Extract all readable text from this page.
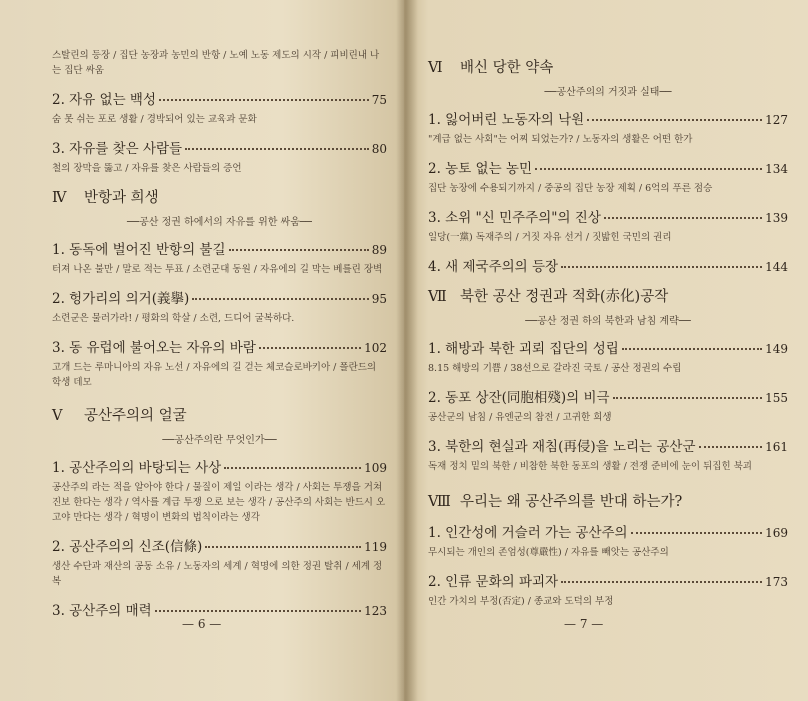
스탈린의 등장 / 집단 농장과 농민의 반항 / 노예 노동 제도의 시작 / 피비린내 나는 집단 싸움
2. 자유 없는 백성	75
숨 못 쉬는 포로 생활 / 경박되어 있는 교육과 문화
3. 자유를 찾은 사람들	80
철의 장막을 뚫고 / 자유를 찾은 사람들의 증언
Ⅳ	반항과 희생
──공산 정권 하에서의 자유를 위한 싸움──
1. 동독에 벌어진 반항의 불길	89
터져 나온 불만 / 말로 적는 투표 / 소련군대 동원 / 자유에의 길 막는 베를린 장벽
2. 헝가리의 의거(義擧)	95
소련군은 물러가라! / 평화의 학살 / 소련, 드디어 굴복하다.
3. 동 유럽에 불어오는 자유의 바람	102
고개 드는 루마니아의 자유 노선 / 자유에의 길 걷는 체코슬로바키아 / 폴란드의 학생 데모
Ⅴ	공산주의의 얼굴
──공산주의란 무엇인가──
1. 공산주의의 바탕되는 사상	109
공산주의 라는 적을 알아야 한다 / 물질이 제일 이라는 생각 / 사회는 투쟁을 거쳐 진보 한다는 생각 / 역사를 계급 투쟁 으로 보는 생각 / 공산주의 사회는 반드시 오고야 만다는 생각 / 혁명이 변화의 법칙이라는 생각
2. 공산주의의 신조(信條)	119
생산 수단과 재산의 공동 소유 / 노동자의 세계 / 혁명에 의한 정권 탈취 / 세계 정복
3. 공산주의 매력	123
— 6 —
Ⅵ	배신 당한 약속
──공산주의의 거짓과 실태──
1. 잃어버린 노동자의 낙원	127
"계급 없는 사회"는 어찌 되었는가? / 노동자의 생활은 어떤 한가
2. 농토 없는 농민	134
집단 농장에 수용되기까지 / 중공의 집단 농장 제획 / 6억의 푸른 점승
3. 소위 "신 민주주의"의 진상	139
일당(一黨) 독재주의 / 거짓 자유 선거 / 짓밟힌 국민의 권리
4. 새 제국주의의 등장	144
Ⅶ 북한 공산 정권과 적화(赤化)공작
──공산 정권 하의 북한과 남침 계략──
1. 해방과 북한 괴뢰 집단의 성립	149
8.15 해방의 기쁨 / 38선으로 갈라진 국토 / 공산 정권의 수립
2. 동포 상잔(同胞相殘)의 비극	155
공산군의 남침 / 유엔군의 참전 / 고귀한 희생
3. 북한의 현실과 재침(再侵)을 노리는 공산군	161
독재 정치 밑의 북한 / 비참한 북한 동포의 생활 / 전쟁 준비에 눈이 뒤집힌 북괴
Ⅷ 우리는 왜 공산주의를 반대 하는가?
1. 인간성에 거슬러 가는 공산주의	169
무시되는 개인의 존엄성(尊嚴性) / 자유를 빼앗는 공산주의
2. 인류 문화의 파괴자	173
인간 가치의 부정(否定) / 종교와 도덕의 부정
— 7 —
